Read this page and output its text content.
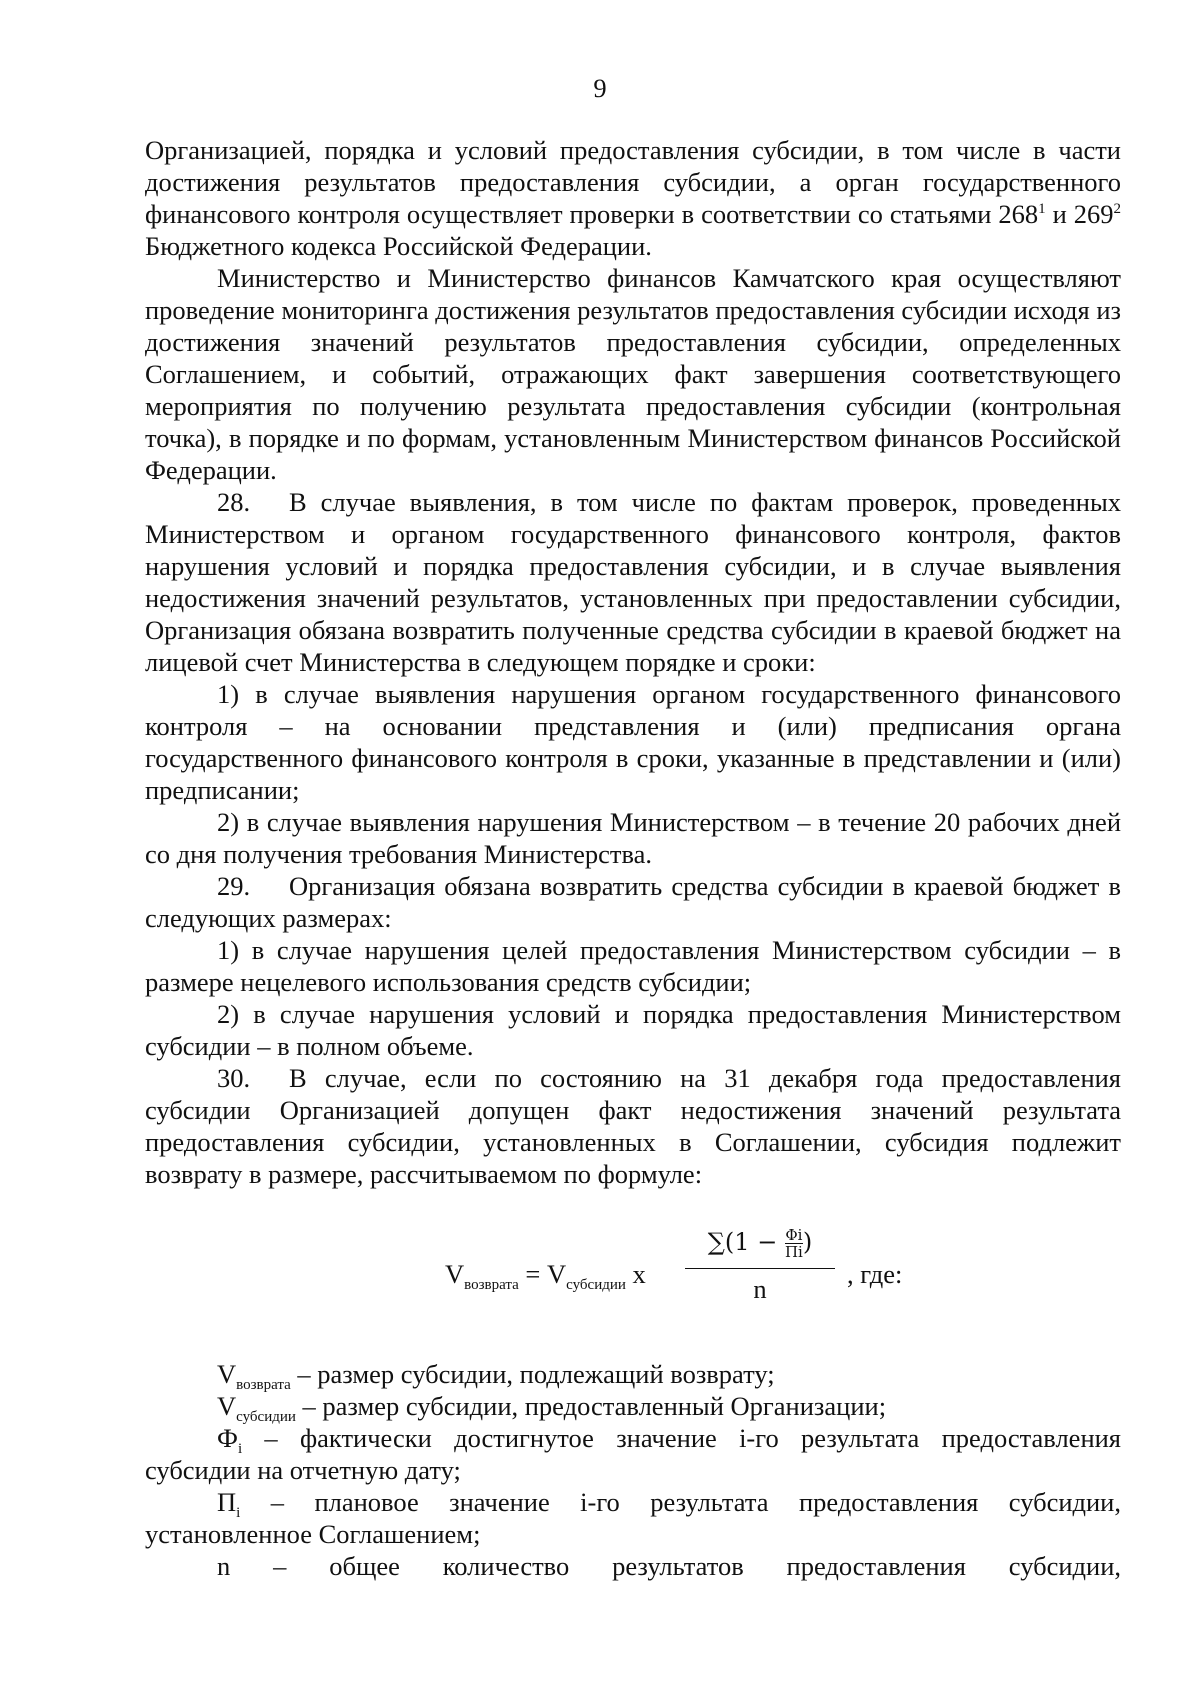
9

Организацией, порядка и условий предоставления субсидии, в том числе в части достижения результатов предоставления субсидии, а орган государственного финансового контроля осуществляет проверки в соответствии со статьями $268^1$ и $269^2$ Бюджетного кодекса Российской Федерации.

Министерство и Министерство финансов Камчатского края осуществляют проведение мониторинга достижения результатов предоставления субсидии исходя из достижения значений результатов предоставления субсидии, определенных Соглашением, и событий, отражающих факт завершения соответствующего мероприятия по получению результата предоставления субсидии (контрольная точка), в порядке и по формам, установленным Министерством финансов Российской Федерации.

28. В случае выявления, в том числе по фактам проверок, проведенных Министерством и органом государственного финансового контроля, фактов нарушения условий и порядка предоставления субсидии, и в случае выявления недостижения значений результатов, установленных при предоставлении субсидии, Организация обязана возвратить полученные средства субсидии в краевой бюджет на лицевой счет Министерства в следующем порядке и сроки:

1) в случае выявления нарушения органом государственного финансового контроля – на основании представления и (или) предписания органа государственного финансового контроля в сроки, указанные в представлении и (или) предписании;

2) в случае выявления нарушения Министерством – в течение 20 рабочих дней со дня получения требования Министерства.

29. Организация обязана возвратить средства субсидии в краевой бюджет в следующих размерах:

1) в случае нарушения целей предоставления Министерством субсидии – в размере нецелевого использования средств субсидии;

2) в случае нарушения условий и порядка предоставления Министерством субсидии – в полном объеме.

30. В случае, если по состоянию на 31 декабря года предоставления субсидии Организацией допущен факт недостижения значений результата предоставления субсидии, установленных в Соглашении, субсидия подлежит возврату в размере, рассчитываемом по формуле:

$V_{возврата} = V_{субсидии}$ x
$\sum(1 - \frac{\Phi i}{\Pi i}$ )
n	, где:

$V_{возврата}$ – размер субсидии, подлежащий возврату;

$V_{субсидии}$ – размер субсидии, предоставленный Организации;

$Ф_i$ – фактически достигнутое значение i-го результата предоставления субсидии на отчетную дату;

$П_i$ – плановое значение i-го результата предоставления субсидии, установленное Соглашением;

n – общее количество результатов предоставления субсидии,
